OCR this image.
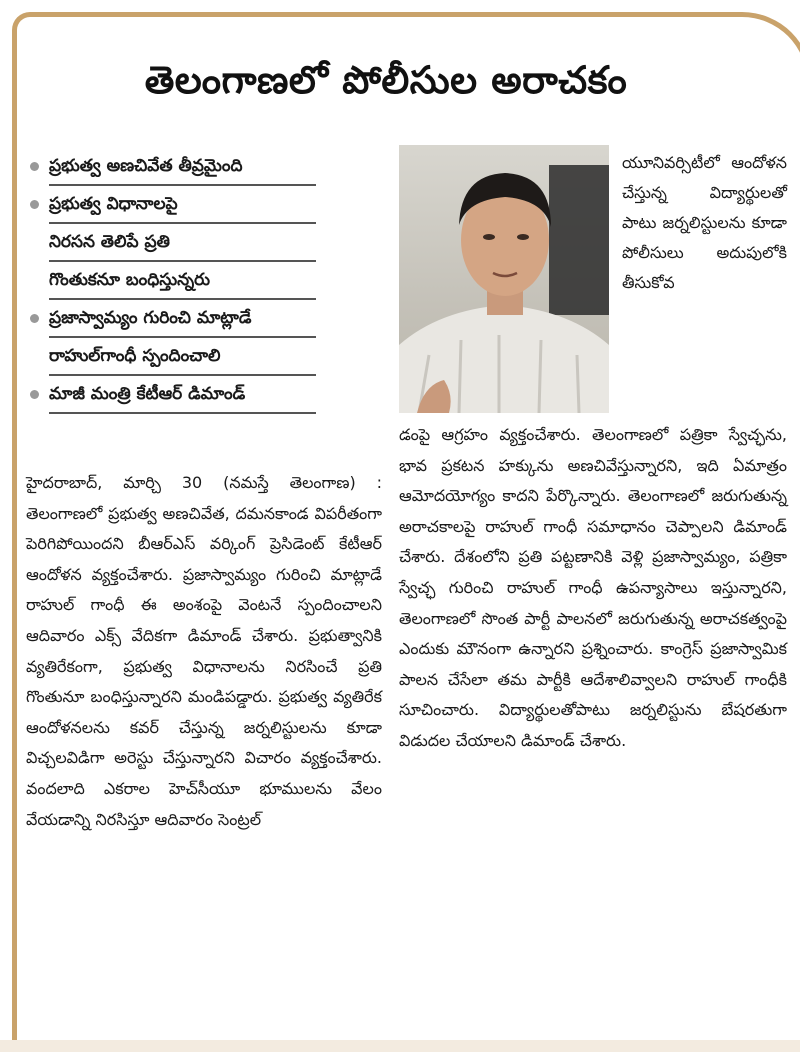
తెలంగాణలో పోలీసుల అరాచకం
ప్రభుత్వ అణచివేత తీవ్రమైంది
ప్రభుత్వ విధానాలపై
నిరసన తెలిపే ప్రతి
గొంతుకనూ బంధిస్తున్నరు
ప్రజాస్వామ్యం గురించి మాట్లాడే
రాహుల్‌గాంధీ స్పందించాలి
మాజీ మంత్రి కేటీఆర్‌ డిమాండ్‌

యూనివర్సిటీలో ఆందోళన చేస్తున్న విద్యార్థులతో పాటు జర్నలిస్టులను కూడా పోలీసులు అదుపులోకి తీసుకోవ

హైదరాబాద్‌, మార్చి 30 (నమస్తే తెలంగాణ) : తెలంగాణలో ప్రభుత్వ అణచివేత, దమనకాండ విపరీతంగా పెరిగిపోయిందని బీఆర్‌ఎస్‌ వర్కింగ్‌ ప్రెసిడెంట్‌ కేటీఆర్‌ ఆందోళన వ్యక్తంచేశారు. ప్రజాస్వామ్యం గురించి మాట్లాడే రాహుల్‌ గాంధీ ఈ అంశంపై వెంటనే స్పందించాలని ఆదివారం ఎక్స్‌ వేదికగా డిమాండ్‌ చేశారు. ప్రభుత్వానికి వ్యతిరేకంగా, ప్రభుత్వ విధానాలను నిరసించే ప్రతి గొంతునూ బంధిస్తున్నారని మండిపడ్డారు. ప్రభుత్వ వ్యతిరేక ఆందోళనలను కవర్‌ చేస్తున్న జర్నలిస్టులను కూడా విచ్చలవిడిగా అరెస్టు చేస్తున్నారని విచారం వ్యక్తంచేశారు. వందలాది ఎకరాల హెచ్‌సీయూ భూములను వేలం వేయడాన్ని నిరసిస్తూ ఆదివారం సెంట్రల్‌

డంపై ఆగ్రహం వ్యక్తంచేశారు. తెలంగాణలో పత్రికా స్వేచ్ఛను, భావ ప్రకటన హక్కును అణచివేస్తున్నారని, ఇది ఏమాత్రం ఆమోదయోగ్యం కాదని పేర్కొన్నారు. తెలంగాణలో జరుగుతున్న అరాచకాలపై రాహుల్‌ గాంధీ సమాధానం చెప్పాలని డిమాండ్‌ చేశారు. దేశంలోని ప్రతి పట్టణానికి వెళ్లి ప్రజాస్వామ్యం, పత్రికా స్వేచ్ఛ గురించి రాహుల్‌ గాంధీ ఉపన్యాసాలు ఇస్తున్నారని, తెలంగాణలో సొంత పార్టీ పాలనలో జరుగుతున్న అరాచకత్వంపై ఎందుకు మౌనంగా ఉన్నారని ప్రశ్నించారు. కాంగ్రెస్‌ ప్రజాస్వామిక పాలన చేసేలా తమ పార్టీకి ఆదేశాలివ్వాలని రాహుల్‌ గాంధీకి సూచించారు. విద్యార్థులతోపాటు జర్నలిస్టును బేషరతుగా విడుదల చేయాలని డిమాండ్‌ చేశారు.
